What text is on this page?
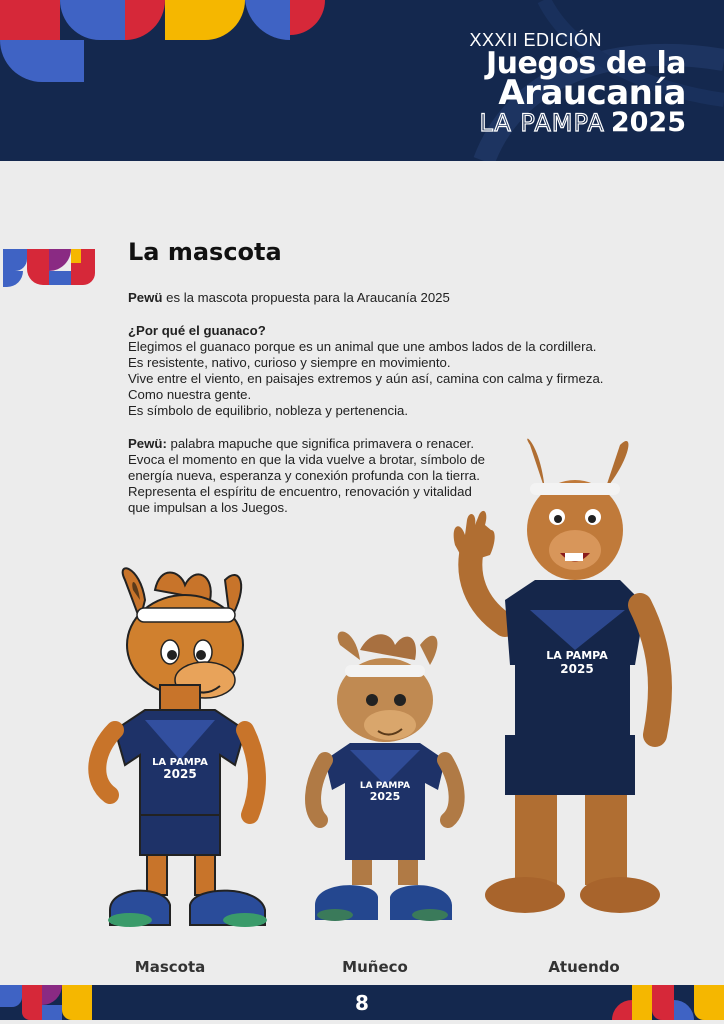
XXXII EDICIÓN
Juegos de la
Araucanía
LA PAMPA 2025
La mascota

Pewü es la mascota propuesta para la Araucanía 2025

¿Por qué el guanaco?

Elegimos el guanaco porque es un animal que une ambos lados de la cordillera.

Es resistente, nativo, curioso y siempre en movimiento.

Vive entre el viento, en paisajes extremos y aún así, camina con calma y firmeza.

Como nuestra gente.

Es símbolo de equilibrio, nobleza y pertenencia.

Pewü: palabra mapuche que significa primavera o renacer.

Evoca el momento en que la vida vuelve a brotar, símbolo de

energía nueva, esperanza y conexión profunda con la tierra.

Representa el espíritu de encuentro, renovación y vitalidad

que impulsan a los Juegos.

LA PAMPA
2025
LA PAMPA
2025
LA PAMPA
2025
Mascota	Muñeco	Atuendo
8
